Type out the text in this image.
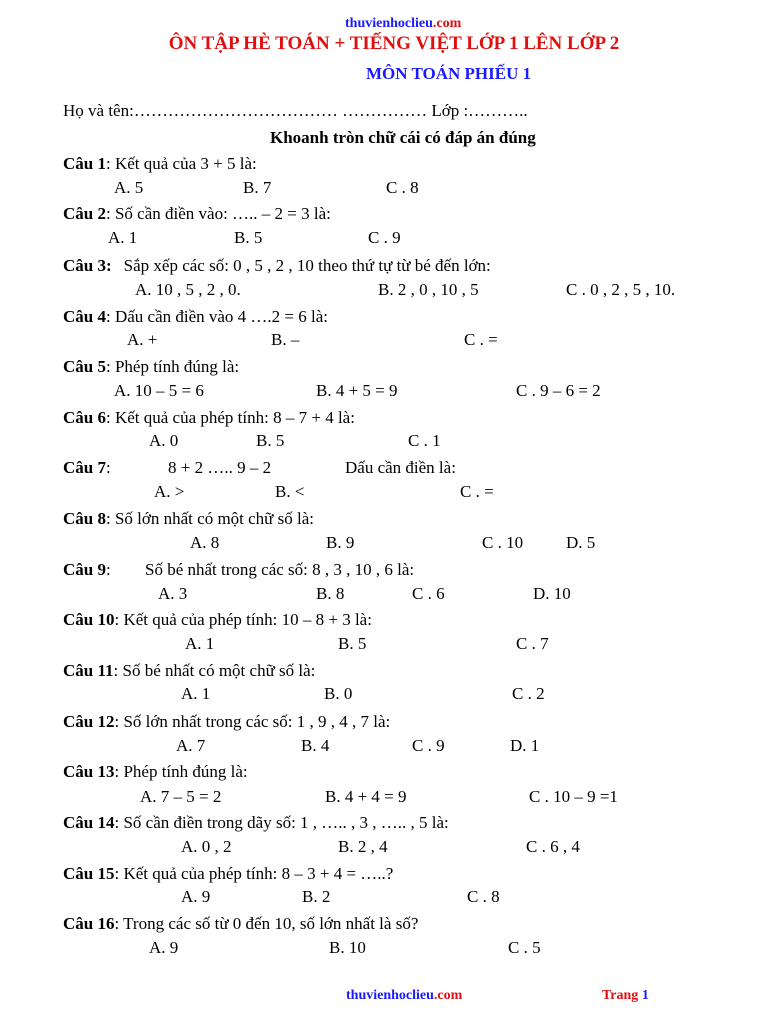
thuvienhoclieu.com
ÔN TẬP HÈ TOÁN + TIẾNG VIỆT LỚP 1 LÊN LỚP 2
MÔN TOÁN PHIẾU 1
Họ và tên:……………………………… …………… Lớp :………..
Khoanh tròn chữ cái có đáp án đúng
Câu 1: Kết quả của 3 + 5 là:
A. 5	B. 7	C . 8
Câu 2: Số cần điền vào: ….. – 2 = 3 là:
A. 1	B. 5	C . 9
Câu 3: Sắp xếp các số: 0 , 5 , 2 , 10 theo thứ tự từ bé đến lớn:
A. 10 , 5 , 2 , 0.	B. 2 , 0 , 10 , 5	C . 0 , 2 , 5 , 10.
Câu 4: Dấu cần điền vào 4 ….2 = 6 là:
A. +	B. –	C . =
Câu 5: Phép tính đúng là:
A. 10 – 5 = 6	B. 4 + 5 = 9	C . 9 – 6 = 2
Câu 6: Kết quả của phép tính: 8 – 7 + 4 là:
A. 0	B. 5	C . 1
Câu 7:	8 + 2 ….. 9 – 2	Dấu cần điền là:
A. >	B. <	C . =
Câu 8: Số lớn nhất có một chữ số là:
A. 8	B. 9	C . 10	D. 5
Câu 9: Số bé nhất trong các số: 8 , 3 , 10 , 6 là:
A. 3	B. 8	C . 6	D. 10
Câu 10: Kết quả của phép tính: 10 – 8 + 3 là:
A. 1	B. 5	C . 7
Câu 11: Số bé nhất có một chữ số là:
A. 1	B. 0	C . 2
Câu 12: Số lớn nhất trong các số: 1 , 9 , 4 , 7 là:
A. 7	B. 4	C . 9	D. 1
Câu 13: Phép tính đúng là:
A. 7 – 5 = 2	B. 4 + 4 = 9	C . 10 – 9 =1
Câu 14: Số cần điền trong dãy số: 1 , ….. , 3 , ….. , 5 là:
A. 0 , 2	B. 2 , 4	C . 6 , 4
Câu 15: Kết quả của phép tính: 8 – 3 + 4 = …..?
A. 9	B. 2	C . 8
Câu 16: Trong các số từ 0 đến 10, số lớn nhất là số?
A. 9	B. 10	C . 5
thuvienhoclieu.com	Trang 1
